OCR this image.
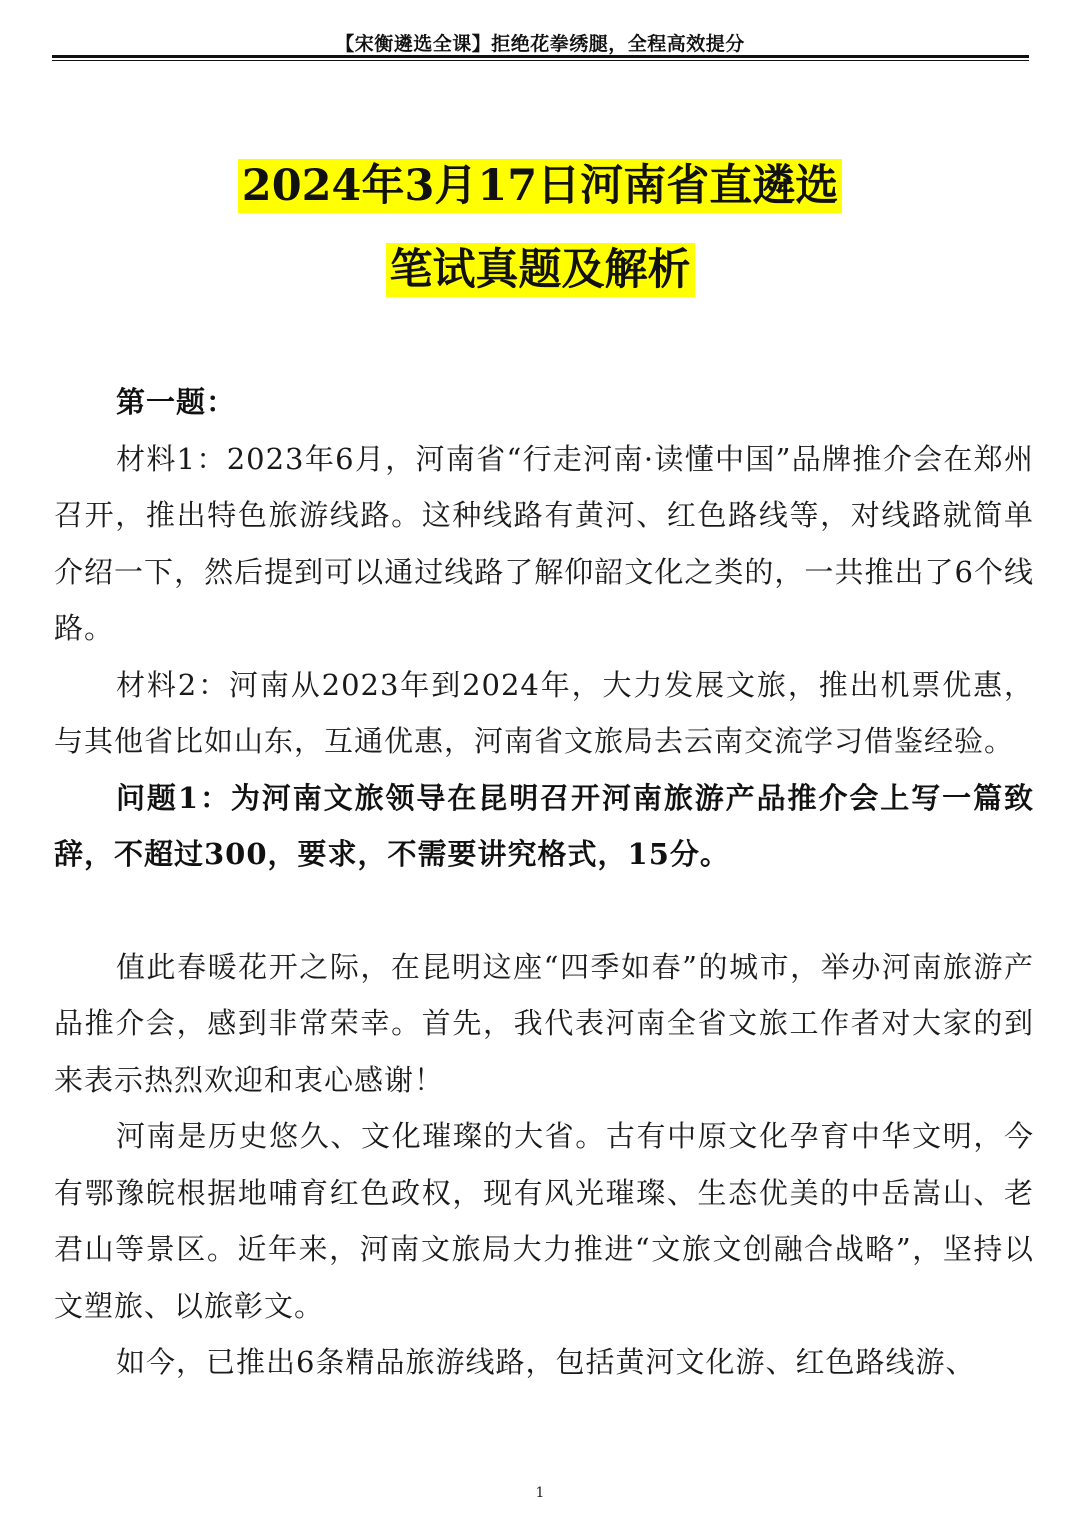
【宋衡遴选全课】拒绝花拳绣腿，全程高效提分
2024年3月17日河南省直遴选
笔试真题及解析

第一题：

材料1：2023年6月，河南省“行走河南·读懂中国”品牌推介会在郑州召开，推出特色旅游线路。这种线路有黄河、红色路线等，对线路就简单介绍一下，然后提到可以通过线路了解仰韶文化之类的，一共推出了6个线路。

材料2：河南从2023年到2024年，大力发展文旅，推出机票优惠，与其他省比如山东，互通优惠，河南省文旅局去云南交流学习借鉴经验。

问题1：为河南文旅领导在昆明召开河南旅游产品推介会上写一篇致辞，不超过300，要求，不需要讲究格式，15分。

值此春暖花开之际，在昆明这座“四季如春”的城市，举办河南旅游产品推介会，感到非常荣幸。首先，我代表河南全省文旅工作者对大家的到来表示热烈欢迎和衷心感谢！

河南是历史悠久、文化璀璨的大省。古有中原文化孕育中华文明，今有鄂豫皖根据地哺育红色政权，现有风光璀璨、生态优美的中岳嵩山、老君山等景区。近年来，河南文旅局大力推进“文旅文创融合战略”，坚持以文塑旅、以旅彰文。

如今，已推出6条精品旅游线路，包括黄河文化游、红色路线游、

1
